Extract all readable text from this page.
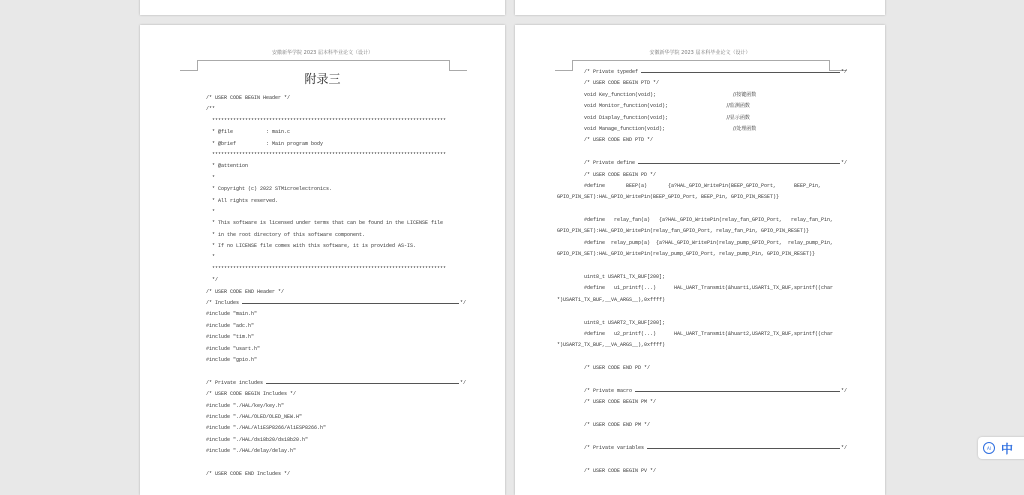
安徽新华学院 2023 届本科毕业论文（设计）
附录三
/* USER CODE BEGIN Header */
/**
******************************************************************************
* @file           : main.c
* @brief          : Main program body
******************************************************************************
* @attention
*
* Copyright (c) 2022 STMicroelectronics.
* All rights reserved.
*
* This software is licensed under terms that can be found in the LICENSE file
* in the root directory of this software component.
* If no LICENSE file comes with this software, it is provided AS-IS.
*
******************************************************************************
*/
/* USER CODE END Header */
/* Includes	*/
#include "main.h"
#include "adc.h"
#include "tim.h"
#include "usart.h"
#include "gpio.h"
/* Private includes	*/
/* USER CODE BEGIN Includes */
#include "./HAL/key/key.h"
#include "./HAL/OLED/OLED_NEW.H"
#include "./HAL/AliESP8266/AliESP8266.h"
#include "./HAL/ds18b20/ds18b20.h"
#include "./HAL/delay/delay.h"
/* USER CODE END Includes */
安徽新华学院 2023 届本科毕业论文（设计）
/* Private typedef	*/
/* USER CODE BEGIN PTD */
void Key_function(void);	//按键函数
void Monitor_function(void);	//监测函数
void Display_function(void);	//显示函数
void Manage_function(void);	//处理函数
/* USER CODE END PTD */
/* Private define	*/
/* USER CODE BEGIN PD */
#define       BEEP(a)       {a?HAL_GPIO_WritePin(BEEP_GPIO_Port,      BEEP_Pin,
GPIO_PIN_SET):HAL_GPIO_WritePin(BEEP_GPIO_Port, BEEP_Pin, GPIO_PIN_RESET)}
#define   relay_fan(a)   {a?HAL_GPIO_WritePin(relay_fan_GPIO_Port,   relay_fan_Pin,
GPIO_PIN_SET):HAL_GPIO_WritePin(relay_fan_GPIO_Port, relay_fan_Pin, GPIO_PIN_RESET)}
#define  relay_pump(a)  {a?HAL_GPIO_WritePin(relay_pump_GPIO_Port,  relay_pump_Pin,
GPIO_PIN_SET):HAL_GPIO_WritePin(relay_pump_GPIO_Port, relay_pump_Pin, GPIO_PIN_RESET)}
uint8_t USART1_TX_BUF[200];
#define   u1_printf(...)      HAL_UART_Transmit(&huart1,USART1_TX_BUF,sprintf((char
*)USART1_TX_BUF,__VA_ARGS__),0xffff)
uint8_t USART2_TX_BUF[200];
#define   u2_printf(...)      HAL_UART_Transmit(&huart2,USART2_TX_BUF,sprintf((char
*)USART2_TX_BUF,__VA_ARGS__),0xffff)
/* USER CODE END PD */
/* Private macro	*/
/* USER CODE BEGIN PM */
/* USER CODE END PM */
/* Private variables	*/
/* USER CODE BEGIN PV */
AI 中
